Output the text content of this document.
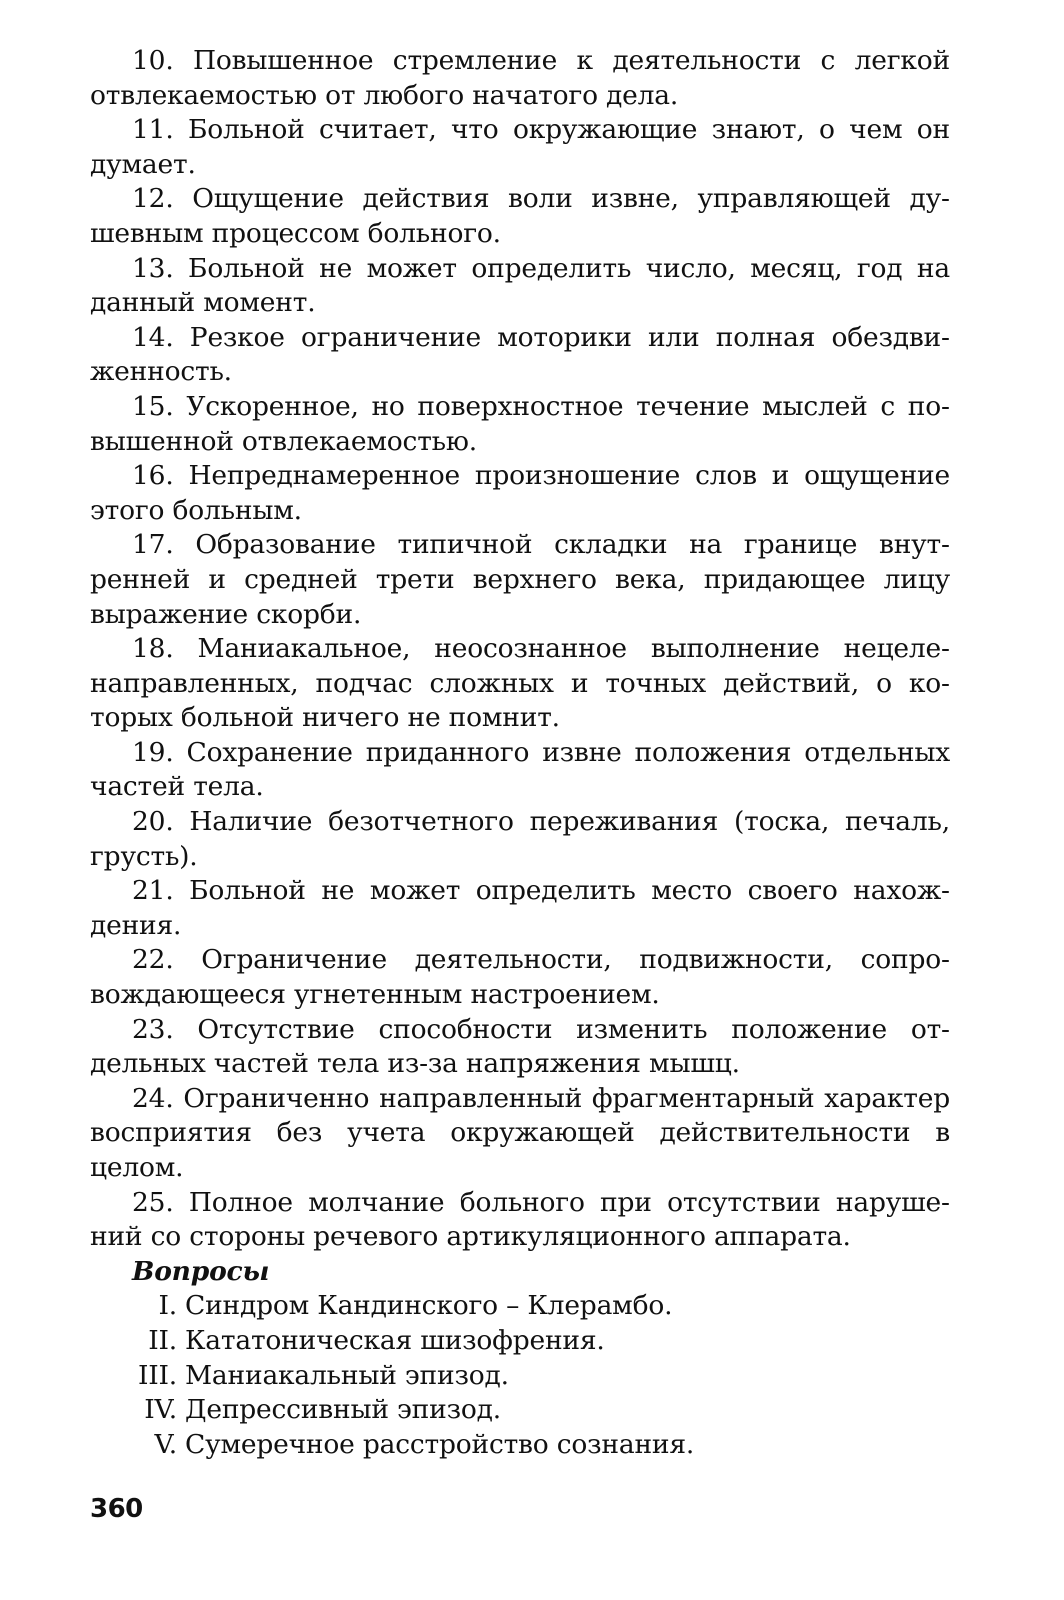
10. Повышенное стремление к деятельности с легкой отвлекаемостью от любого начатого дела.

11. Больной считает, что окружающие знают, о чем он думает.

12. Ощущение действия воли извне, управляющей душевным процессом больного.

13. Больной не может определить число, месяц, год на данный момент.

14. Резкое ограничение моторики или полная обездвиженность.

15. Ускоренное, но поверхностное течение мыслей с повышенной отвлекаемостью.

16. Непреднамеренное произношение слов и ощущение этого больным.

17. Образование типичной складки на границе внутренней и средней трети верхнего века, придающее лицу выражение скорби.

18. Маниакальное, неосознанное выполнение нецеленаправленных, подчас сложных и точных действий, о которых больной ничего не помнит.

19. Сохранение приданного извне положения отдельных частей тела.

20. Наличие безотчетного переживания (тоска, печаль, грусть).

21. Больной не может определить место своего нахождения.

22. Ограничение деятельности, подвижности, сопровождающееся угнетенным настроением.

23. Отсутствие способности изменить положение отдельных частей тела из-за напряжения мышц.

24. Ограниченно направленный фрагментарный характер восприятия без учета окружающей действительности в целом.

25. Полное молчание больного при отсутствии нарушений со стороны речевого артикуляционного аппарата.

Вопросы

I. Синдром Кандинского – Клерамбо.
II. Кататоническая шизофрения.
III. Маниакальный эпизод.
IV. Депрессивный эпизод.
V. Сумеречное расстройство сознания.
360
